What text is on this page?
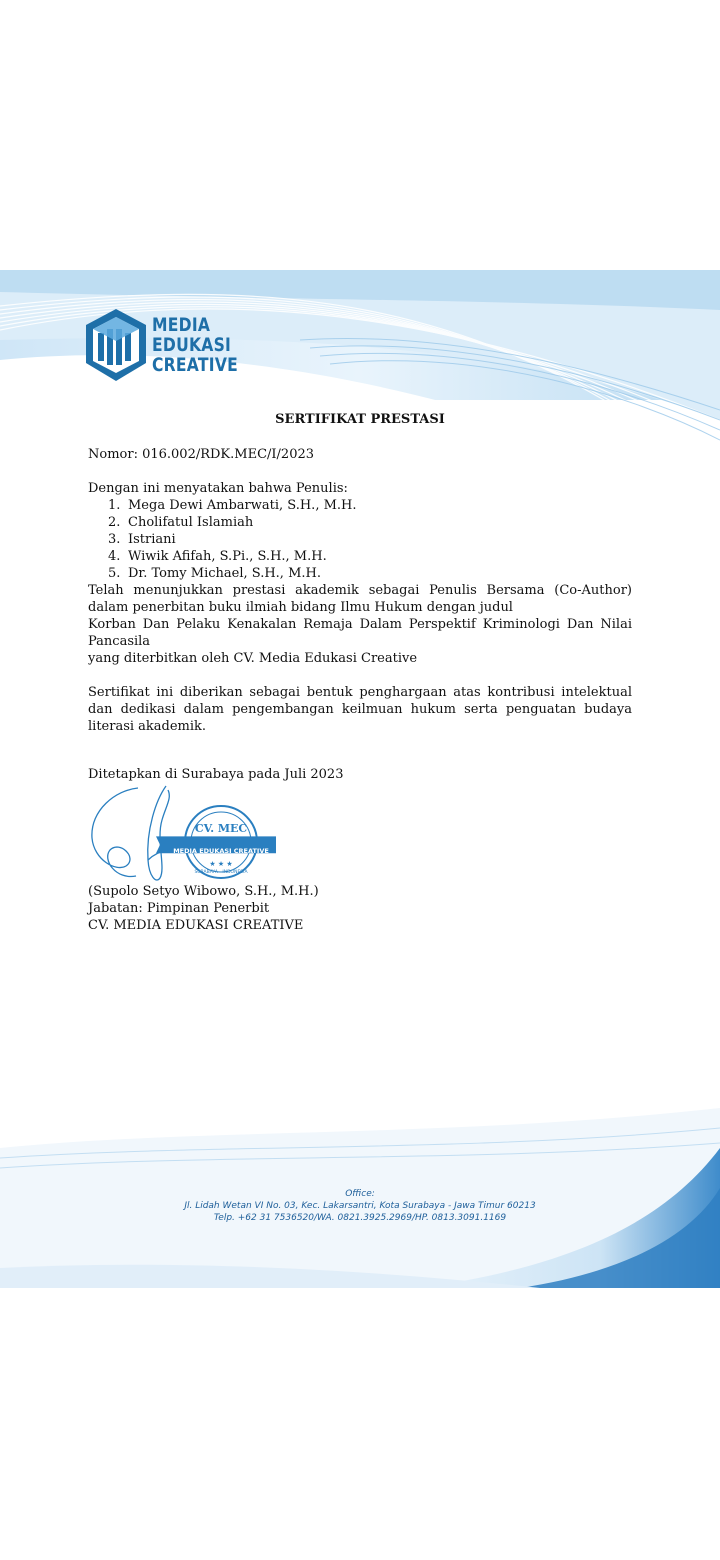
MEDIA
EDUKASI
CREATIVE
SERTIFIKAT PRESTASI
Nomor: 016.002/RDK.MEC/I/2023
Dengan ini menyatakan bahwa Penulis:
1. Mega Dewi Ambarwati, S.H., M.H.
2. Cholifatul Islamiah
3. Istriani
4. Wiwik Afifah, S.Pi., S.H., M.H.
5. Dr. Tomy Michael, S.H., M.H.
Telah menunjukkan prestasi akademik sebagai Penulis Bersama (Co-Author) dalam penerbitan buku ilmiah bidang Ilmu Hukum dengan judul
Korban Dan Pelaku Kenakalan Remaja Dalam Perspektif Kriminologi Dan Nilai Pancasila
yang diterbitkan oleh CV. Media Edukasi Creative
Sertifikat ini diberikan sebagai bentuk penghargaan atas kontribusi intelektual dan dedikasi dalam pengembangan keilmuan hukum serta penguatan budaya literasi akademik.
Ditetapkan di Surabaya pada Juli 2023
(Supolo Setyo Wibowo, S.H., M.H.)
Jabatan: Pimpinan Penerbit
CV. MEDIA EDUKASI CREATIVE
CV. MEC
MEDIA EDUKASI CREATIVE
★ ★ ★
SURABAYA - INDONESIA
Office:
Jl. Lidah Wetan VI No. 03, Kec. Lakarsantri, Kota Surabaya - Jawa Timur 60213
Telp. +62 31 7536520/WA. 0821.3925.2969/HP. 0813.3091.1169
